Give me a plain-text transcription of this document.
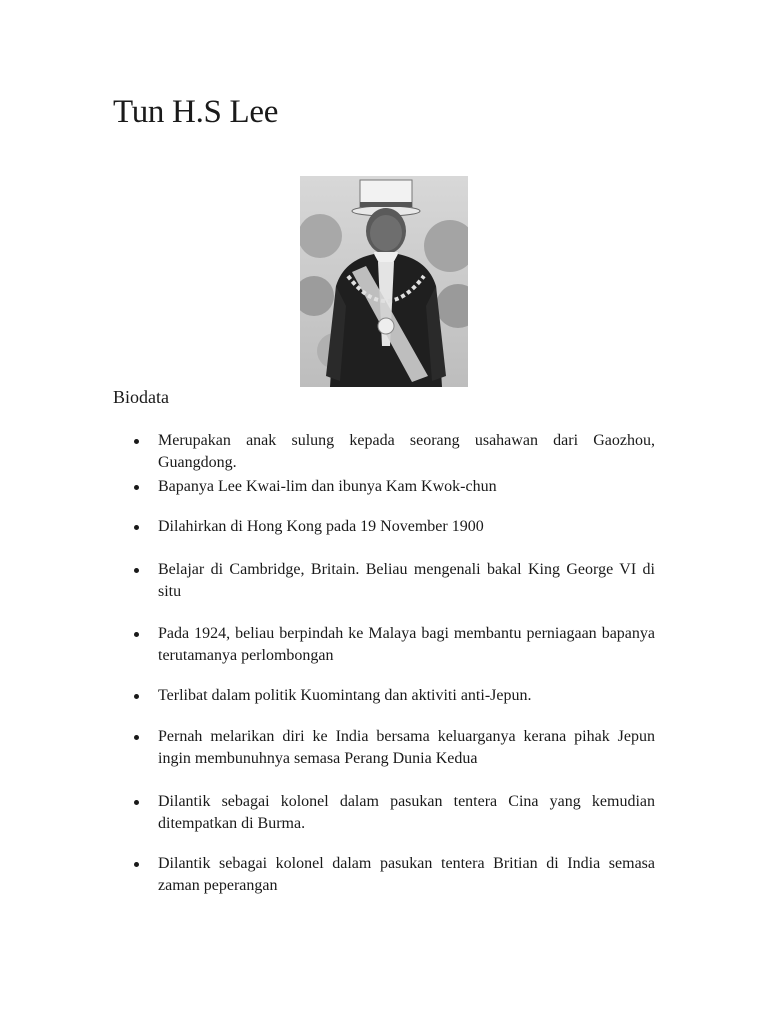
Tun H.S Lee
Biodata
Merupakan anak sulung kepada seorang usahawan dari Gaozhou, Guangdong.
Bapanya Lee Kwai-lim dan ibunya Kam Kwok-chun
Dilahirkan di Hong Kong pada 19 November 1900
Belajar di Cambridge, Britain. Beliau mengenali bakal King George VI di situ
Pada 1924, beliau berpindah ke Malaya bagi membantu perniagaan bapanya terutamanya perlombongan
Terlibat dalam politik Kuomintang dan aktiviti anti-Jepun.
Pernah melarikan diri ke India bersama keluarganya kerana pihak Jepun ingin membunuhnya semasa Perang Dunia Kedua
Dilantik sebagai kolonel dalam pasukan tentera Cina yang kemudian ditempatkan di Burma.
Dilantik sebagai kolonel dalam pasukan tentera Britian di India semasa zaman peperangan
